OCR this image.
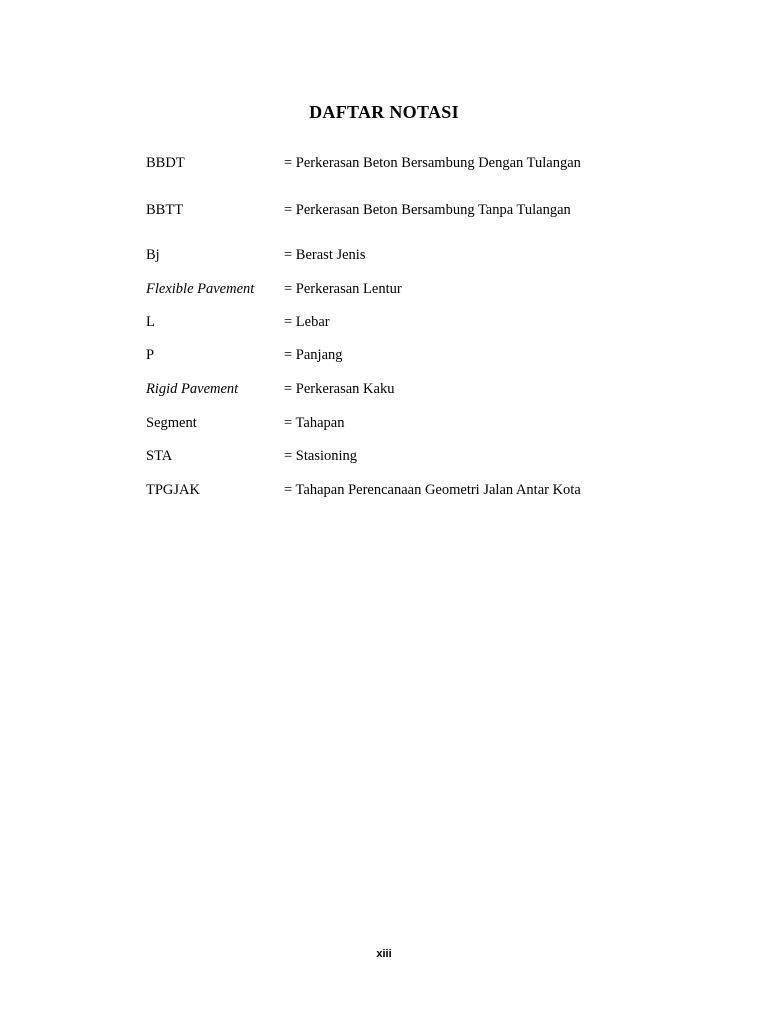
DAFTAR NOTASI
BBDT	= Perkerasan Beton Bersambung Dengan Tulangan
BBTT	= Perkerasan Beton Bersambung Tanpa Tulangan
Bj	= Berast Jenis
Flexible Pavement = Perkerasan Lentur
L	= Lebar
P	= Panjang
Rigid Pavement	= Perkerasan Kaku
Segment	= Tahapan
STA	= Stasioning
TPGJAK	= Tahapan Perencanaan Geometri Jalan Antar Kota
xiii
